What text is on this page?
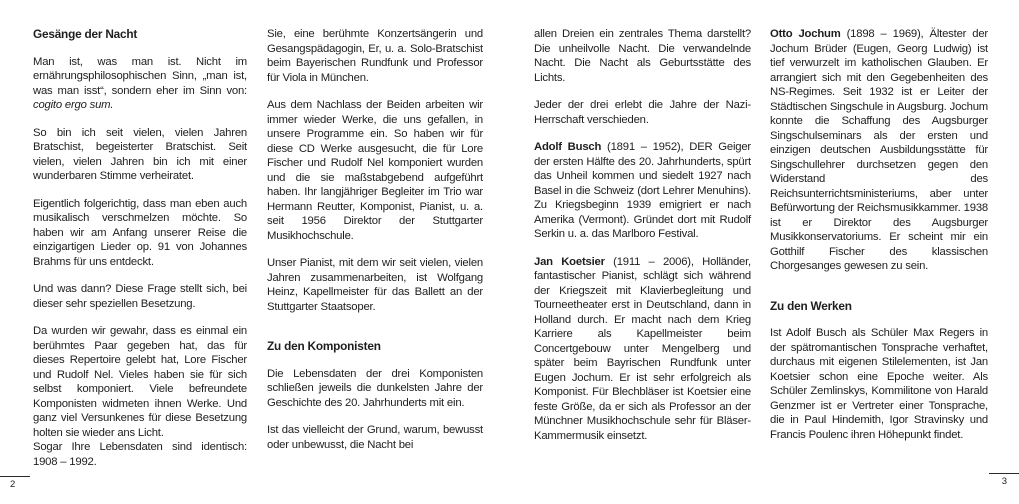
Gesänge der Nacht

Man ist, was man ist. Nicht im ernährungsphilosophischen Sinn, „man ist, was man isst“, sondern eher im Sinn von: cogito ergo sum.

So bin ich seit vielen, vielen Jahren Bratschist, begeisterter Bratschist. Seit vielen, vielen Jahren bin ich mit einer wunderbaren Stimme verheiratet.

Eigentlich folgerichtig, dass man eben auch musikalisch verschmelzen möchte. So haben wir am Anfang unserer Reise die einzigartigen Lieder op. 91 von Johannes Brahms für uns entdeckt.

Und was dann? Diese Frage stellt sich, bei dieser sehr speziellen Besetzung.

Da wurden wir gewahr, dass es einmal ein berühmtes Paar gegeben hat, das für dieses Repertoire gelebt hat, Lore Fischer und Rudolf Nel. Vieles haben sie für sich selbst komponiert. Viele befreundete Komponisten widmeten ihnen Werke. Und ganz viel Versunkenes für diese Besetzung holten sie wieder ans Licht.

Sogar Ihre Lebensdaten sind identisch: 1908 – 1992.

Sie, eine berühmte Konzertsängerin und Gesangspädagogin, Er, u. a. Solo-Bratschist beim Bayerischen Rundfunk und Professor für Viola in München.

Aus dem Nachlass der Beiden arbeiten wir immer wieder Werke, die uns gefallen, in unsere Programme ein. So haben wir für diese CD Werke ausgesucht, die für Lore Fischer und Rudolf Nel komponiert wurden und die sie maßstabgebend aufgeführt haben. Ihr langjähriger Begleiter im Trio war Hermann Reutter, Komponist, Pianist, u. a. seit 1956 Direktor der Stuttgarter Musikhochschule.

Unser Pianist, mit dem wir seit vielen, vielen Jahren zusammenarbeiten, ist Wolfgang Heinz, Kapellmeister für das Ballett an der Stuttgarter Staatsoper.

Zu den Komponisten

Die Lebensdaten der drei Komponisten schließen jeweils die dunkelsten Jahre der Geschichte des 20. Jahrhunderts mit ein.

Ist das vielleicht der Grund, warum, bewusst oder unbewusst, die Nacht bei

allen Dreien ein zentrales Thema darstellt? Die unheilvolle Nacht. Die verwandelnde Nacht. Die Nacht als Geburtsstätte des Lichts.

Jeder der drei erlebt die Jahre der Nazi-Herrschaft verschieden.

Adolf Busch (1891 – 1952), DER Geiger der ersten Hälfte des 20. Jahrhunderts, spürt das Unheil kommen und siedelt 1927 nach Basel in die Schweiz (dort Lehrer Menuhins). Zu Kriegsbeginn 1939 emigriert er nach Amerika (Vermont). Gründet dort mit Rudolf Serkin u. a. das Marlboro Festival.

Jan Koetsier (1911 – 2006), Holländer, fantastischer Pianist, schlägt sich während der Kriegszeit mit Klavierbegleitung und Tourneetheater erst in Deutschland, dann in Holland durch. Er macht nach dem Krieg Karriere als Kapellmeister beim Concertgebouw unter Mengelberg und später beim Bayrischen Rundfunk unter Eugen Jochum. Er ist sehr erfolgreich als Komponist. Für Blechbläser ist Koetsier eine feste Größe, da er sich als Professor an der Münchner Musikhochschule sehr für Bläser-Kammermusik einsetzt.

Otto Jochum (1898 – 1969), Ältester der Jochum Brüder (Eugen, Georg Ludwig) ist tief verwurzelt im katholischen Glauben. Er arrangiert sich mit den Gegebenheiten des NS-Regimes. Seit 1932 ist er Leiter der Städtischen Singschule in Augsburg. Jochum konnte die Schaffung des Augsburger Singschulseminars als der ersten und einzigen deutschen Ausbildungsstätte für Singschullehrer durchsetzen gegen den Widerstand des Reichsunterrichtsministeriums, aber unter Befürwortung der Reichsmusikkammer. 1938 ist er Direktor des Augsburger Musikkonservatoriums. Er scheint mir ein Gotthilf Fischer des klassischen Chorgesanges gewesen zu sein.

Zu den Werken

Ist Adolf Busch als Schüler Max Regers in der spätromantischen Tonsprache verhaftet, durchaus mit eigenen Stilelementen, ist Jan Koetsier schon eine Epoche weiter. Als Schüler Zemlinskys, Kommilitone von Harald Genzmer ist er Vertreter einer Tonsprache, die in Paul Hindemith, Igor Stravinsky und Francis Poulenc ihren Höhepunkt findet.

2	3
